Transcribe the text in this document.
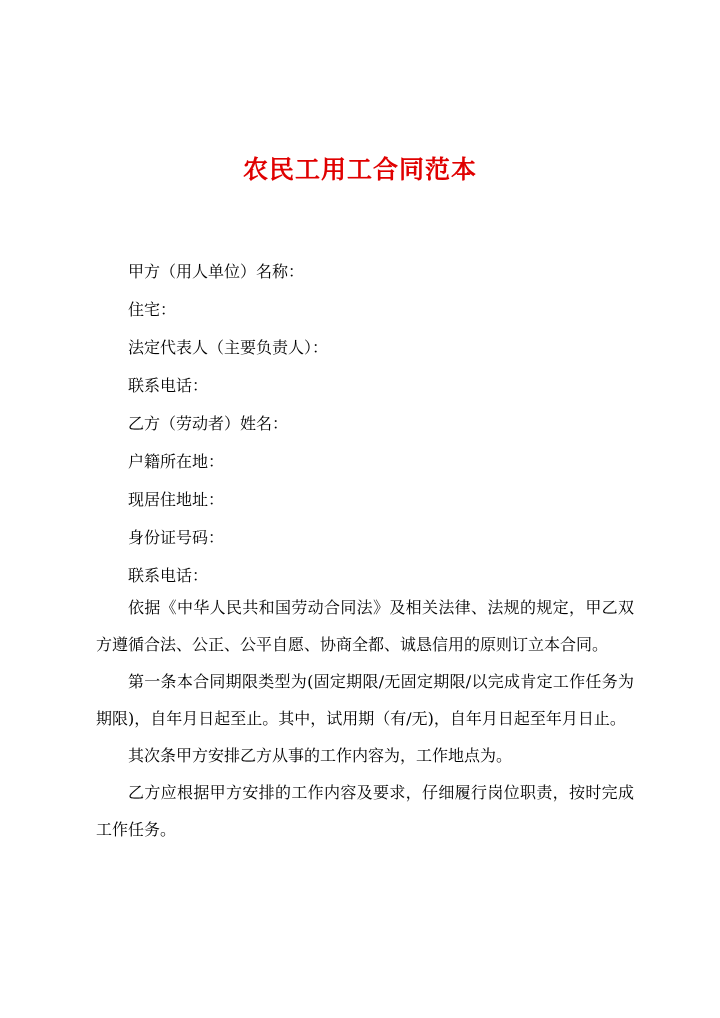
农民工用工合同范本
甲方（用人单位）名称：
住宅：
法定代表人（主要负责人）：
联系电话：
乙方（劳动者）姓名：
户籍所在地：
现居住地址：
身份证号码：
联系电话：

依据《中华人民共和国劳动合同法》及相关法律、法规的规定，甲乙双方遵循合法、公正、公平自愿、协商全都、诚恳信用的原则订立本合同。

第一条本合同期限类型为(固定期限/无固定期限/以完成肯定工作任务为期限)，自年月日起至止。其中，试用期（有/无)，自年月日起至年月日止。

其次条甲方安排乙方从事的工作内容为，工作地点为。

乙方应根据甲方安排的工作内容及要求，仔细履行岗位职责，按时完成工作任务。
